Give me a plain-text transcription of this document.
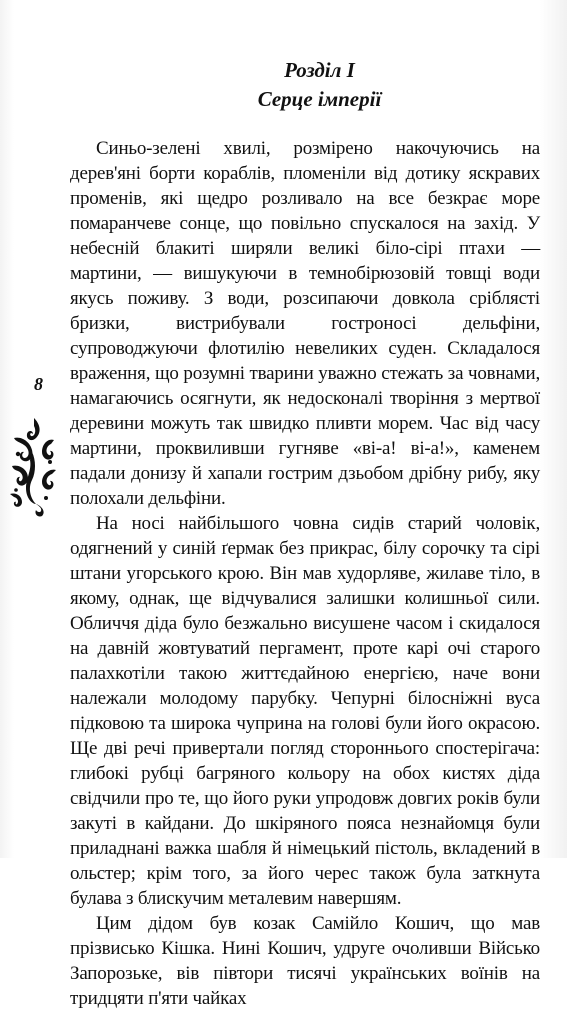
Розділ I
Серце імперії
8

Синьо-зелені хвилі, розмірено накочуючись на дерев'яні борти кораблів, пломеніли від дотику яскравих променів, які щедро розливало на все безкрає море помаранчеве сонце, що повільно спускалося на захід. У небесній блакиті ширяли великі біло-сірі птахи — мартини, — вишукуючи в темнобірюзовій товщі води якусь поживу. З води, розсипаючи довкола сріблясті бризки, вистрибували гостроносі дельфіни, супроводжуючи флотилію невеликих суден. Складалося враження, що розумні тварини уважно стежать за човнами, намагаючись осягнути, як недосконалі творіння з мертвої деревини можуть так швидко пливти морем. Час від часу мартини, проквиливши гугняве «ві-а! ві-а!», каменем падали донизу й хапали гострим дзьобом дрібну рибу, яку полохали дельфіни.

На носі найбільшого човна сидів старий чоловік, одягнений у синій ґермак без прикрас, білу сорочку та сірі штани угорського крою. Він мав худорляве, жилаве тіло, в якому, однак, ще відчувалися залишки колишньої сили. Обличчя діда було безжально висушене часом і скидалося на давній жовтуватий пергамент, проте карі очі старого палахкотіли такою життєдайною енергією, наче вони належали молодому парубку. Чепурні білосніжні вуса підковою та широка чуприна на голові були його окрасою. Ще дві речі привертали погляд стороннього спостерігача: глибокі рубці багряного кольору на обох кистях діда свідчили про те, що його руки упродовж довгих років були закуті в кайдани. До шкіряного пояса незнайомця були приладнані важка шабля й німецький пістоль, вкладений в ольстер; крім того, за його черес також була заткнута булава з блискучим металевим навершям.

Цим дідом був козак Самійло Кошич, що мав прізвисько Кішка. Нині Кошич, удруге очоливши Військо Запорозьке, вів півтори тисячі українських воїнів на тридцяти п'яти чайках
